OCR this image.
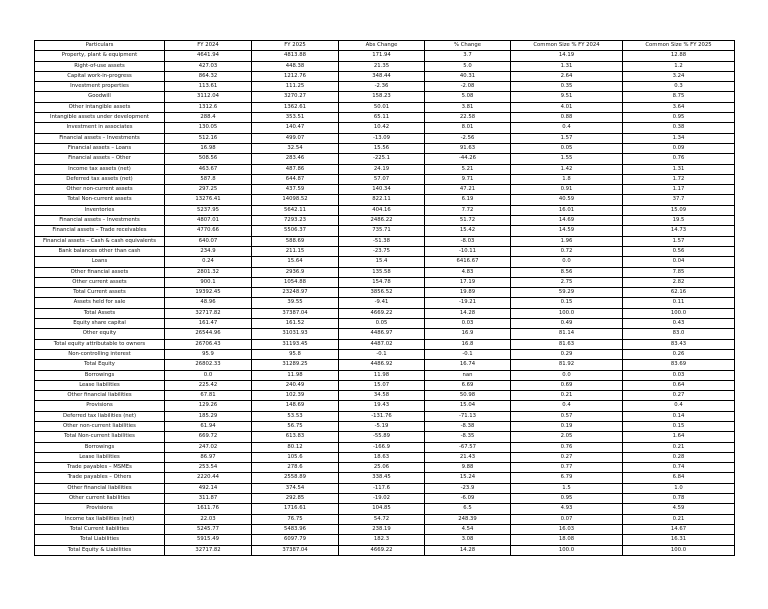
Particulars	FY 2024	FY 2025	Abs Change	% Change	Common Size % FY 2024	Common Size % FY 2025
Property, plant & equipment	4641.94	4813.88	171.94	3.7	14.19	12.88
Right-of-use assets	427.03	448.38	21.35	5.0	1.31	1.2
Capital work-in-progress	864.32	1212.76	348.44	40.31	2.64	3.24
Investment properties	113.61	111.25	-2.36	-2.08	0.35	0.3
Goodwill	3112.04	3270.27	158.23	5.08	9.51	8.75
Other intangible assets	1312.6	1362.61	50.01	3.81	4.01	3.64
Intangible assets under development	288.4	353.51	65.11	22.58	0.88	0.95
Investment in associates	130.05	140.47	10.42	8.01	0.4	0.38
Financial assets – Investments	512.16	499.07	-13.09	-2.56	1.57	1.34
Financial assets – Loans	16.98	32.54	15.56	91.63	0.05	0.09
Financial assets – Other	508.56	283.46	-225.1	-44.26	1.55	0.76
Income tax assets (net)	463.67	487.86	24.19	5.21	1.42	1.31
Deferred tax assets (net)	587.8	644.87	57.07	9.71	1.8	1.72
Other non-current assets	297.25	437.59	140.34	47.21	0.91	1.17
Total Non-current assets	13276.41	14098.52	822.11	6.19	40.59	37.7
Inventories	5237.95	5642.11	404.16	7.72	16.01	15.09
Financial assets – Investments	4807.01	7293.23	2486.22	51.72	14.69	19.5
Financial assets – Trade receivables	4770.66	5506.37	735.71	15.42	14.59	14.73
Financial assets – Cash & cash equivalents	640.07	588.69	-51.38	-8.03	1.96	1.57
Bank balances other than cash	234.9	211.15	-23.75	-10.11	0.72	0.56
Loans	0.24	15.64	15.4	6416.67	0.0	0.04
Other financial assets	2801.32	2936.9	135.58	4.83	8.56	7.85
Other current assets	900.1	1054.88	154.78	17.19	2.75	2.82
Total Current assets	19392.45	23248.97	3856.52	19.89	59.29	62.16
Assets held for sale	48.96	39.55	-9.41	-19.21	0.15	0.11
Total Assets	32717.82	37387.04	4669.22	14.28	100.0	100.0
Equity share capital	161.47	161.52	0.05	0.03	0.49	0.43
Other equity	26544.96	31031.93	4486.97	16.9	81.14	83.0
Total equity attributable to owners	26706.43	31193.45	4487.02	16.8	81.63	83.43
Non-controlling interest	95.9	95.8	-0.1	-0.1	0.29	0.26
Total Equity	26802.33	31289.25	4486.92	16.74	81.92	83.69
Borrowings	0.0	11.98	11.98	nan	0.0	0.03
Lease liabilities	225.42	240.49	15.07	6.69	0.69	0.64
Other financial liabilities	67.81	102.39	34.58	50.98	0.21	0.27
Provisions	129.26	148.69	19.43	15.04	0.4	0.4
Deferred tax liabilities (net)	185.29	53.53	-131.76	-71.13	0.57	0.14
Other non-current liabilities	61.94	56.75	-5.19	-8.38	0.19	0.15
Total Non-current liabilities	669.72	613.83	-55.89	-8.35	2.05	1.64
Borrowings	247.02	80.12	-166.9	-67.57	0.76	0.21
Lease liabilities	86.97	105.6	18.63	21.43	0.27	0.28
Trade payables – MSMEs	253.54	278.6	25.06	9.88	0.77	0.74
Trade payables – Others	2220.44	2558.89	338.45	15.24	6.79	6.84
Other financial liabilities	492.14	374.54	-117.6	-23.9	1.5	1.0
Other current liabilities	311.87	292.85	-19.02	-6.09	0.95	0.78
Provisions	1611.76	1716.61	104.85	6.5	4.93	4.59
Income tax liabilities (net)	22.03	76.75	54.72	248.39	0.07	0.21
Total Current liabilities	5245.77	5483.96	238.19	4.54	16.03	14.67
Total Liabilities	5915.49	6097.79	182.3	3.08	18.08	16.31
Total Equity & Liabilities	32717.82	37387.04	4669.22	14.28	100.0	100.0
